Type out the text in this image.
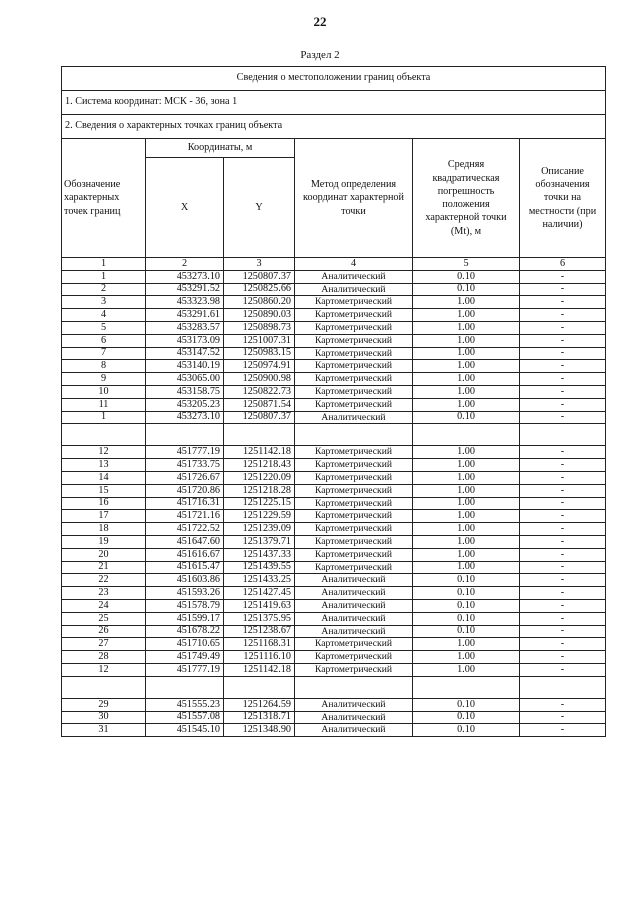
22
Раздел 2
Сведения о местоположении границ объекта					
1. Система координат: МСК - 36, зона 1					
2. Сведения о характерных точках границ объекта					
Обозначение характерных точек границ	Координаты, м		Метод определения координат характерной точки	Средняя квадратическая погрешность положения характерной точки (Mt), м	Описание обозначения точки на местности (при наличии)
	X	Y			
1	2	3	4	5	6
1	453273.10	1250807.37	Аналитический	0.10	-
2	453291.52	1250825.66	Аналитический	0.10	-
3	453323.98	1250860.20	Картометрический	1.00	-
4	453291.61	1250890.03	Картометрический	1.00	-
5	453283.57	1250898.73	Картометрический	1.00	-
6	453173.09	1251007.31	Картометрический	1.00	-
7	453147.52	1250983.15	Картометрический	1.00	-
8	453140.19	1250974.91	Картометрический	1.00	-
9	453065.00	1250900.98	Картометрический	1.00	-
10	453158.75	1250822.73	Картометрический	1.00	-
11	453205.23	1250871.54	Картометрический	1.00	-
1	453273.10	1250807.37	Аналитический	0.10	-

12	451777.19	1251142.18	Картометрический	1.00	-
13	451733.75	1251218.43	Картометрический	1.00	-
14	451726.67	1251220.09	Картометрический	1.00	-
15	451720.86	1251218.28	Картометрический	1.00	-
16	451716.31	1251225.15	Картометрический	1.00	-
17	451721.16	1251229.59	Картометрический	1.00	-
18	451722.52	1251239.09	Картометрический	1.00	-
19	451647.60	1251379.71	Картометрический	1.00	-
20	451616.67	1251437.33	Картометрический	1.00	-
21	451615.47	1251439.55	Картометрический	1.00	-
22	451603.86	1251433.25	Аналитический	0.10	-
23	451593.26	1251427.45	Аналитический	0.10	-
24	451578.79	1251419.63	Аналитический	0.10	-
25	451599.17	1251375.95	Аналитический	0.10	-
26	451678.22	1251238.67	Аналитический	0.10	-
27	451710.65	1251168.31	Картометрический	1.00	-
28	451749.49	1251116.10	Картометрический	1.00	-
12	451777.19	1251142.18	Картометрический	1.00	-

29	451555.23	1251264.59	Аналитический	0.10	-
30	451557.08	1251318.71	Аналитический	0.10	-
31	451545.10	1251348.90	Аналитический	0.10	-
